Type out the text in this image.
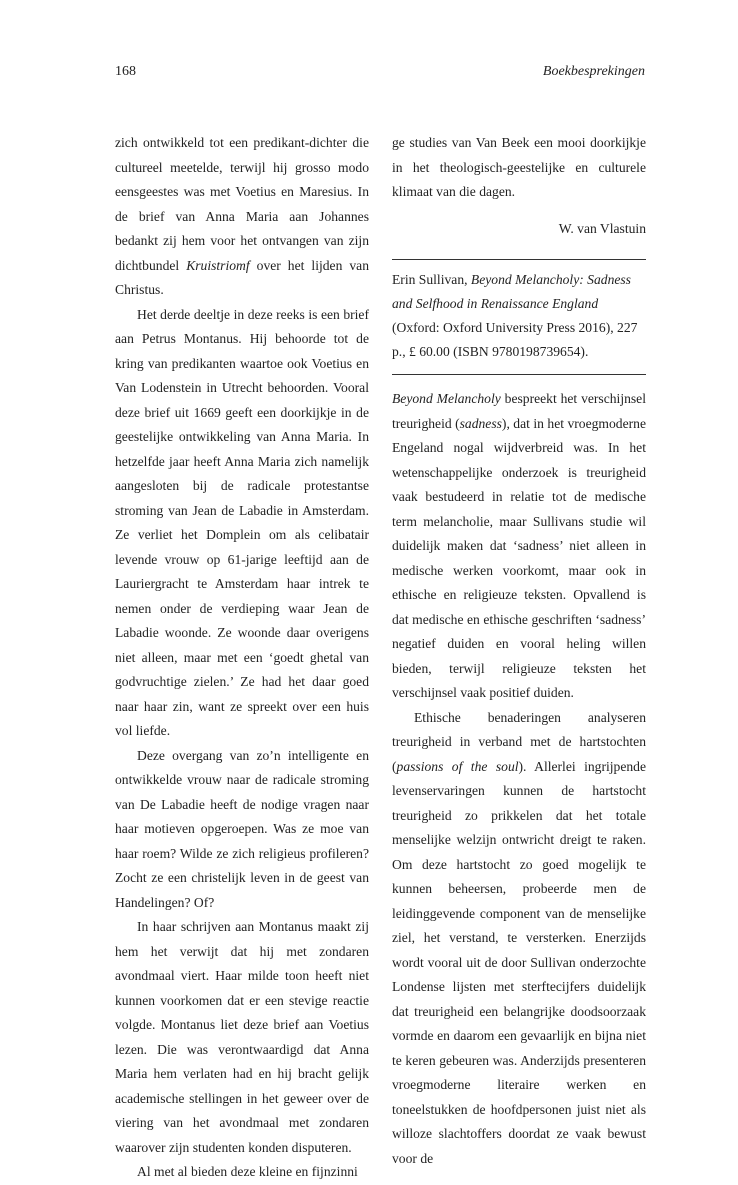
168	Boekbesprekingen

zich ontwikkeld tot een predikant-dichter die cultureel meetelde, terwijl hij grosso modo eensgeestes was met Voetius en Maresius. In de brief van Anna Maria aan Johannes bedankt zij hem voor het ontvangen van zijn dichtbundel Kruistriomf over het lijden van Christus.

Het derde deeltje in deze reeks is een brief aan Petrus Montanus. Hij behoorde tot de kring van predikanten waartoe ook Voetius en Van Lodenstein in Utrecht behoorden. Vooral deze brief uit 1669 geeft een doorkijkje in de geestelijke ontwikkeling van Anna Maria. In hetzelfde jaar heeft Anna Maria zich namelijk aangesloten bij de radicale protestantse stroming van Jean de Labadie in Amsterdam. Ze verliet het Domplein om als celibatair levende vrouw op 61-jarige leeftijd aan de Lauriergracht te Amsterdam haar intrek te nemen onder de verdieping waar Jean de Labadie woonde. Ze woonde daar overigens niet alleen, maar met een ‘goedt ghetal van godvruchtige zielen.’ Ze had het daar goed naar haar zin, want ze spreekt over een huis vol liefde.

Deze overgang van zo’n intelligente en ontwikkelde vrouw naar de radicale stroming van De Labadie heeft de nodige vragen naar haar motieven opgeroepen. Was ze moe van haar roem? Wilde ze zich religieus profileren? Zocht ze een christelijk leven in de geest van Handelingen? Of?

In haar schrijven aan Montanus maakt zij hem het verwijt dat hij met zondaren avondmaal viert. Haar milde toon heeft niet kunnen voorkomen dat er een stevige reactie volgde. Montanus liet deze brief aan Voetius lezen. Die was verontwaardigd dat Anna Maria hem verlaten had en hij bracht gelijk academische stellingen in het geweer over de viering van het avondmaal met zondaren waarover zijn studenten konden disputeren.

Al met al bieden deze kleine en fijnzinni

ge studies van Van Beek een mooi doorkijkje in het theologisch-geestelijke en culturele klimaat van die dagen.

W. van Vlastuin

Erin Sullivan, Beyond Melancholy: Sadness and Selfhood in Renaissance England
(Oxford: Oxford University Press 2016), 227 p., £ 60.00 (ISBN 9780198739654).

Beyond Melancholy bespreekt het verschijnsel treurigheid (sadness), dat in het vroegmoderne Engeland nogal wijdverbreid was. In het wetenschappelijke onderzoek is treurigheid vaak bestudeerd in relatie tot de medische term melancholie, maar Sullivans studie wil duidelijk maken dat ‘sadness’ niet alleen in medische werken voorkomt, maar ook in ethische en religieuze teksten. Opvallend is dat medische en ethische geschriften ‘sadness’ negatief duiden en vooral heling willen bieden, terwijl religieuze teksten het verschijnsel vaak positief duiden.

Ethische benaderingen analyseren treurigheid in verband met de hartstochten (passions of the soul). Allerlei ingrijpende levenservaringen kunnen de hartstocht treurigheid zo prikkelen dat het totale menselijke welzijn ontwricht dreigt te raken. Om deze hartstocht zo goed mogelijk te kunnen beheersen, probeerde men de leidinggevende component van de menselijke ziel, het verstand, te versterken. Enerzijds wordt vooral uit de door Sullivan onderzochte Londense lijsten met sterftecijfers duidelijk dat treurigheid een belangrijke doodsoorzaak vormde en daarom een gevaarlijk en bijna niet te keren gebeuren was. Anderzijds presenteren vroegmoderne literaire werken en toneelstukken de hoofdpersonen juist niet als willoze slachtoffers doordat ze vaak bewust voor de
